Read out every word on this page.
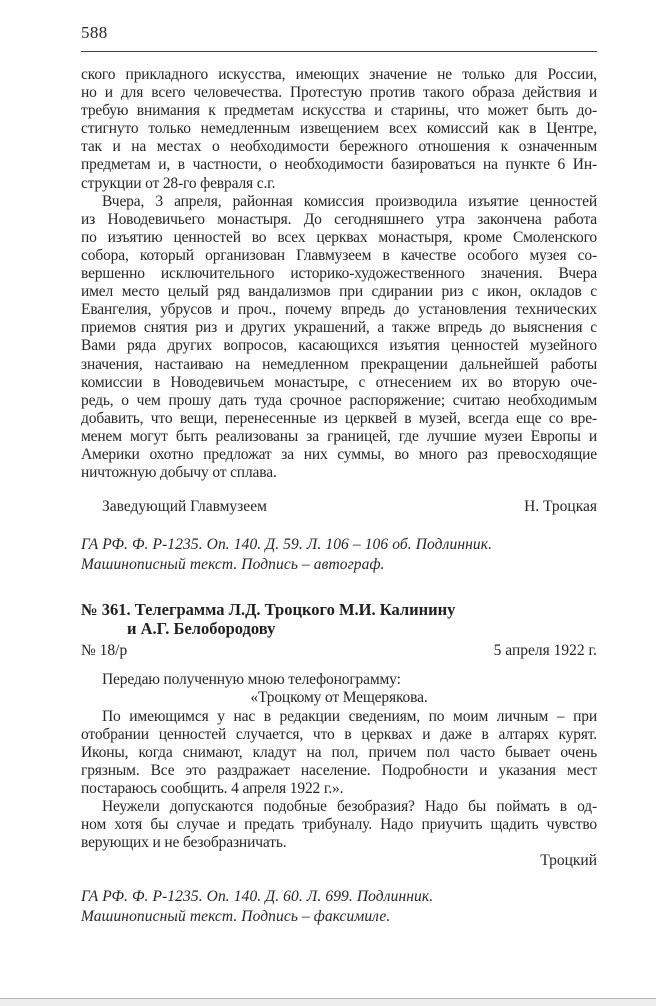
588
ского прикладного искусства, имеющих значение не только для России,
но и для всего человечества. Протестую против такого образа действия и
требую внимания к предметам искусства и старины, что может быть до-
стигнуто только немедленным извещением всех комиссий как в Центре,
так и на местах о необходимости бережного отношения к означенным
предметам и, в частности, о необходимости базироваться на пункте 6 Ин-
струкции от 28-го февраля с.г.
Вчера, 3 апреля, районная комиссия производила изъятие ценностей
из Новодевичьего монастыря. До сегодняшнего утра закончена работа
по изъятию ценностей во всех церквах монастыря, кроме Смоленского
собора, который организован Главмузеем в качестве особого музея со-
вершенно исключительного историко-художественного значения. Вчера
имел место целый ряд вандализмов при сдирании риз с икон, окладов с
Евангелия, убрусов и проч., почему впредь до установления технических
приемов снятия риз и других украшений, а также впредь до выяснения с
Вами ряда других вопросов, касающихся изъятия ценностей музейного
значения, настаиваю на немедленном прекращении дальнейшей работы
комиссии в Новодевичьем монастыре, с отнесением их во вторую оче-
редь, о чем прошу дать туда срочное распоряжение; считаю необходимым
добавить, что вещи, перенесенные из церквей в музей, всегда еще со вре-
менем могут быть реализованы за границей, где лучшие музеи Европы и
Америки охотно предложат за них суммы, во много раз превосходящие
ничтожную добычу от сплава.
Заведующий Главмузеем	Н. Троцкая
ГА РФ. Ф. Р-1235. Оп. 140. Д. 59. Л. 106 – 106 об. Подлинник.
Машинописный текст. Подпись – автограф.
№ 361. Телеграмма Л.Д. Троцкого М.И. Калинину
и А.Г. Белобородову
№ 18/р	5 апреля 1922 г.
Передаю полученную мною телефонограмму:
«Троцкому от Мещерякова.
По имеющимся у нас в редакции сведениям, по моим личным – при
отобрании ценностей случается, что в церквах и даже в алтарях курят.
Иконы, когда снимают, кладут на пол, причем пол часто бывает очень
грязным. Все это раздражает население. Подробности и указания мест
постараюсь сообщить. 4 апреля 1922 г.».
Неужели допускаются подобные безобразия? Надо бы поймать в од-
ном хотя бы случае и предать трибуналу. Надо приучить щадить чувство
верующих и не безобразничать.
Троцкий
ГА РФ. Ф. Р-1235. Оп. 140. Д. 60. Л. 699. Подлинник.
Машинописный текст. Подпись – факсимиле.
